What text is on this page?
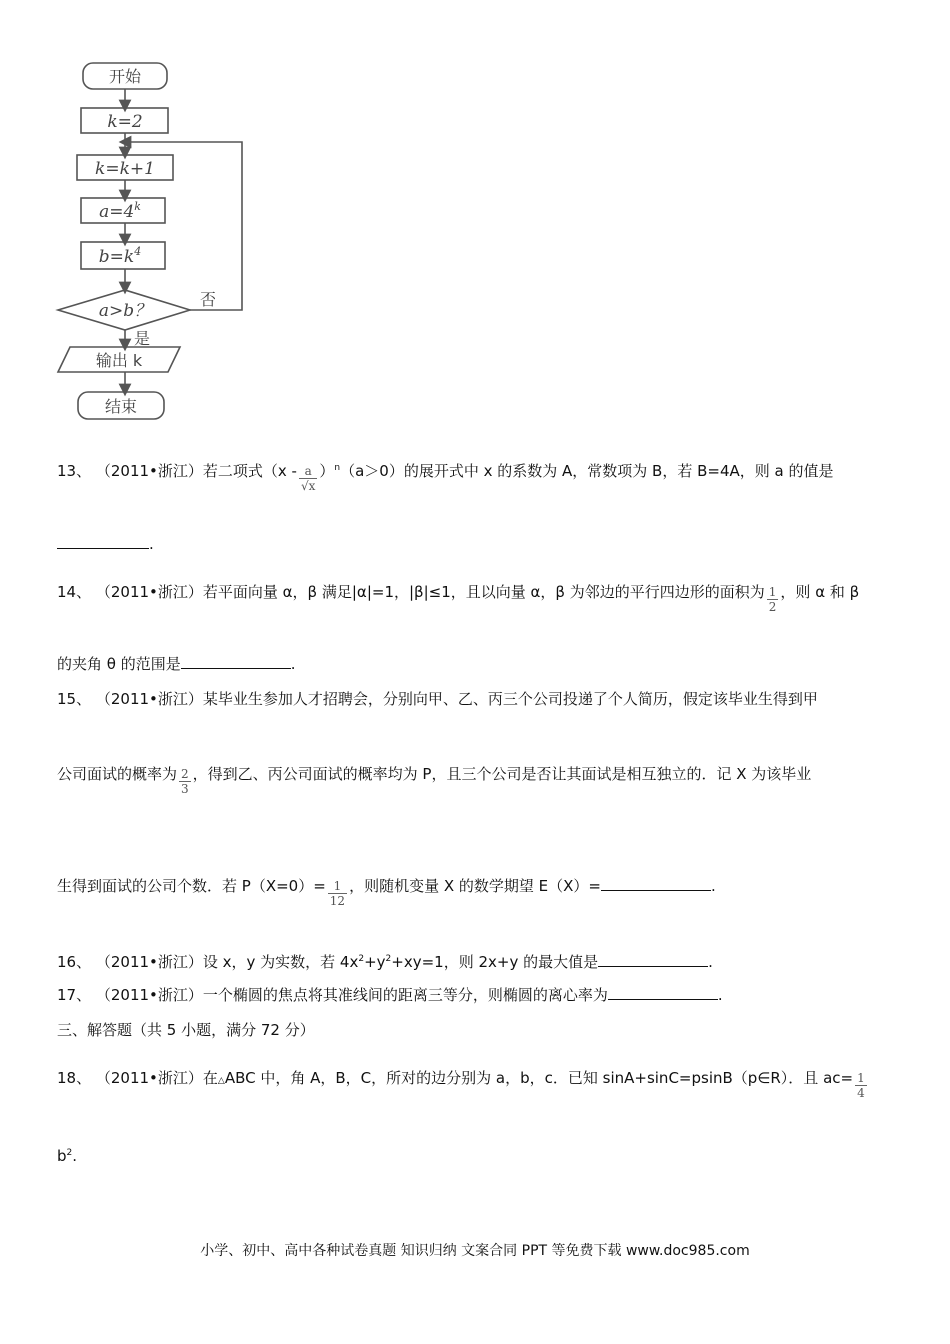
开始
k=2
k=k+1
$a=4^k$
$b=k^4$
a>b？
否
是
输出 k
结束
13、 （2011•浙江）若二项式$(x - \frac{a}{√x} )^n(a>0)$的展开式中 x 的系数为 A，常数项为 B，若 B=4A，则 a 的值是
.
14、 （2011•浙江）若平面向量 α，β 满足|α|=1，|β|≤1，且以向量 α，β 为邻边的平行四边形的面积为 $\frac{1}{2}$ ，则 α 和 β
的夹角 θ 的范围是	.
15、 （2011•浙江）某毕业生参加人才招聘会，分别向甲、乙、丙三个公司投递了个人简历，假定该毕业生得到甲
公司面试的概率为 $\frac{2}{3}$ ，得到乙、丙公司面试的概率均为 P，且三个公司是否让其面试是相互独立的．记 X 为该毕业
生得到面试的公司个数．若 $P(X=0)= \frac{1}{12}$ ，则随机变量 X 的数学期望 E（X）=	.
16、 （2011•浙江）设 x，y 为实数，若 $4x^2+y^2+xy=1$，则 2x+y 的最大值是	.
17、 （2011•浙江）一个椭圆的焦点将其准线间的距离三等分，则椭圆的离心率为	.
三、解答题（共 5 小题，满分 72 分）
18、 （2011•浙江）在△ABC 中，角 A，B，C，所对的边分别为 a，b，c．已知 sinA+sinC=psinB（p∈R）．且 $ac= \frac{1}{4}$
$b^2$.
小学、初中、高中各种试卷真题 知识归纳 文案合同 PPT 等免费下载 www.doc985.com
